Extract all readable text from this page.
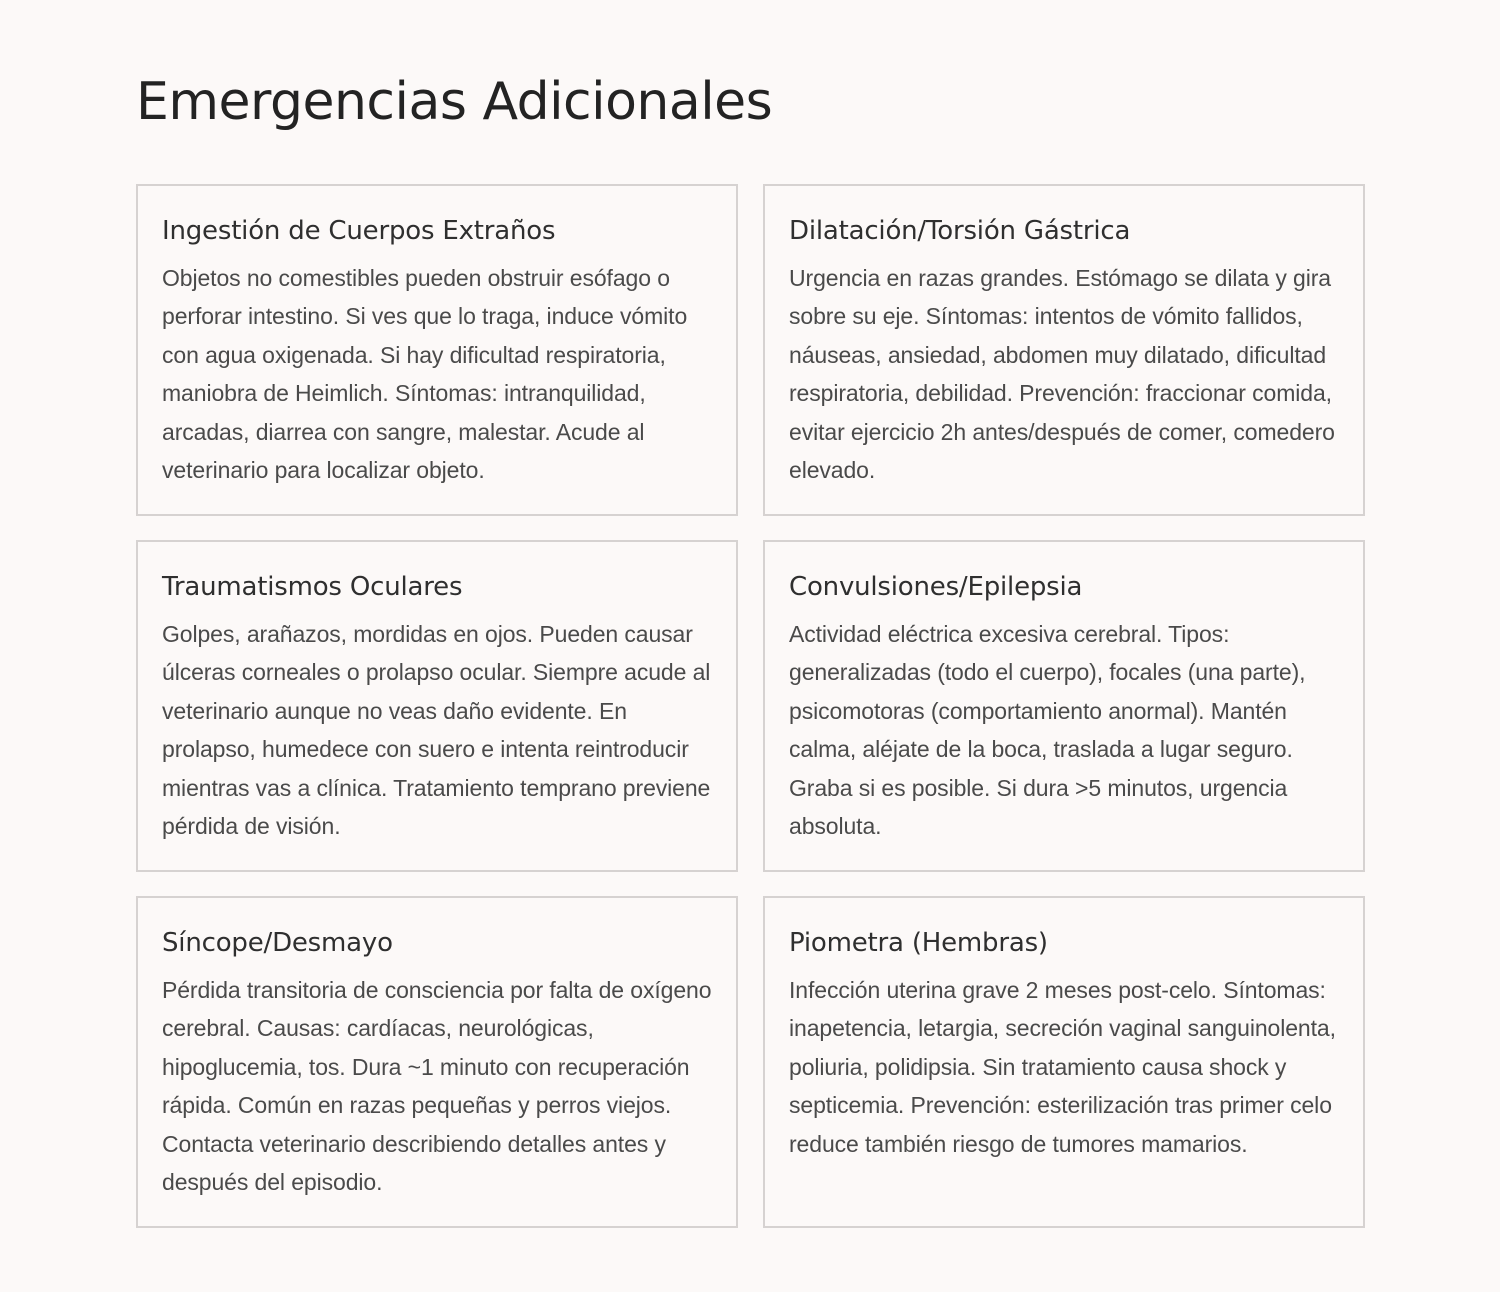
Emergencias Adicionales
Ingestión de Cuerpos Extraños

Objetos no comestibles pueden obstruir esófago o perforar intestino. Si ves que lo traga, induce vómito con agua oxigenada. Si hay dificultad respiratoria, maniobra de Heimlich. Síntomas: intranquilidad, arcadas, diarrea con sangre, malestar. Acude al veterinario para localizar objeto.

Dilatación/Torsión Gástrica

Urgencia en razas grandes. Estómago se dilata y gira sobre su eje. Síntomas: intentos de vómito fallidos, náuseas, ansiedad, abdomen muy dilatado, dificultad respiratoria, debilidad. Prevención: fraccionar comida, evitar ejercicio 2h antes/después de comer, comedero elevado.

Traumatismos Oculares

Golpes, arañazos, mordidas en ojos. Pueden causar úlceras corneales o prolapso ocular. Siempre acude al veterinario aunque no veas daño evidente. En prolapso, humedece con suero e intenta reintroducir mientras vas a clínica. Tratamiento temprano previene pérdida de visión.

Convulsiones/Epilepsia

Actividad eléctrica excesiva cerebral. Tipos: generalizadas (todo el cuerpo), focales (una parte), psicomotoras (comportamiento anormal). Mantén calma, aléjate de la boca, traslada a lugar seguro. Graba si es posible. Si dura >5 minutos, urgencia absoluta.

Síncope/Desmayo

Pérdida transitoria de consciencia por falta de oxígeno cerebral. Causas: cardíacas, neurológicas, hipoglucemia, tos. Dura ~1 minuto con recuperación rápida. Común en razas pequeñas y perros viejos. Contacta veterinario describiendo detalles antes y después del episodio.

Piometra (Hembras)

Infección uterina grave 2 meses post-celo. Síntomas: inapetencia, letargia, secreción vaginal sanguinolenta, poliuria, polidipsia. Sin tratamiento causa shock y septicemia. Prevención: esterilización tras primer celo reduce también riesgo de tumores mamarios.
